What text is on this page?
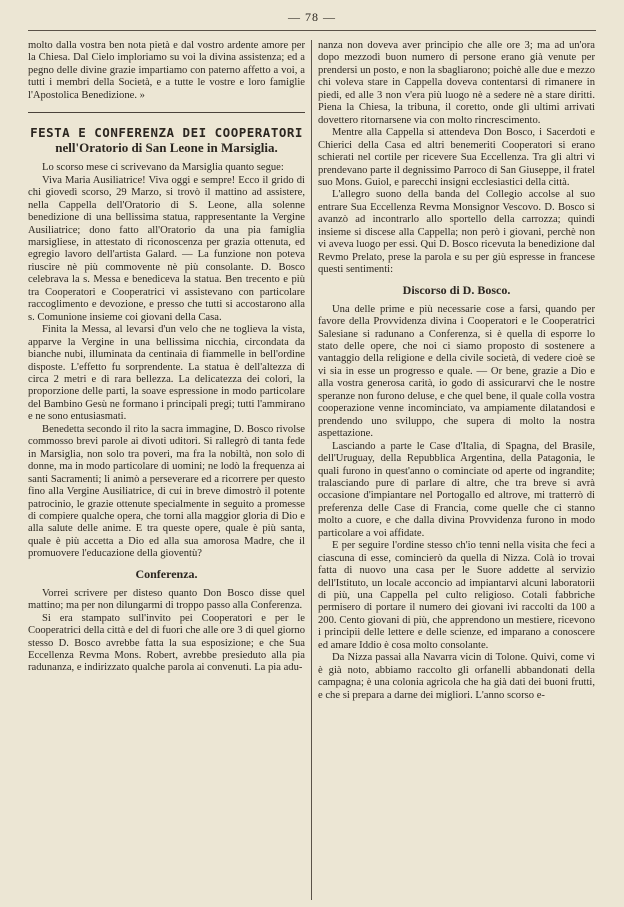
— 78 —

molto dalla vostra ben nota pietà e dal vostro ardente amore per la Chiesa. Dal Cielo imploriamo su voi la divina assistenza; ed a pegno delle divine grazie impartiamo con paterno affetto a voi, a tutti i membri della Società, e a tutte le vostre e loro famiglie l'Apostolica Benedizione. »

FESTA E CONFERENZA DEI COOPERATORI
nell'Oratorio di San Leone in Marsiglia.

Lo scorso mese ci scrivevano da Marsiglia quanto segue:

Viva Maria Ausiliatrice! Viva oggi e sempre! Ecco il grido di chi giovedì scorso, 29 Marzo, si trovò il mattino ad assistere, nella Cappella dell'Oratorio di S. Leone, alla solenne benedizione di una bellissima statua, rappresentante la Vergine Ausiliatrice; dono fatto all'Oratorio da una pia famiglia marsigliese, in attestato di riconoscenza per grazia ottenuta, ed egregio lavoro dell'artista Galard. — La funzione non poteva riuscire nè più commovente nè più consolante. D. Bosco celebrava la s. Messa e benediceva la statua. Ben trecento e più tra Cooperatori e Cooperatrici vi assistevano con particolare raccoglimento e devozione, e presso che tutti si accostarono alla s. Comunione insieme coi giovani della Casa.

Finita la Messa, al levarsi d'un velo che ne toglieva la vista, apparve la Vergine in una bellissima nicchia, circondata da bianche nubi, illuminata da centinaia di fiammelle in bell'ordine disposte. L'effetto fu sorprendente. La statua è dell'altezza di circa 2 metri e di rara bellezza. La delicatezza dei colori, la proporzione delle parti, la soave espressione in modo particolare del Bambino Gesù ne formano i principali pregi; tutti l'ammirano e ne sono entusiasmati.

Benedetta secondo il rito la sacra immagine, D. Bosco rivolse commosso brevi parole ai divoti uditori. Si rallegrò di tanta fede in Marsiglia, non solo tra poveri, ma fra la nobiltà, non solo di donne, ma in modo particolare di uomini; ne lodò la frequenza ai santi Sacramenti; li animò a perseverare ed a ricorrere per questo fino alla Vergine Ausiliatrice, di cui in breve dimostrò il potente patrocinio, le grazie ottenute specialmente in seguito a promesse di compiere qualche opera, che torni alla maggior gloria di Dio e alla salute delle anime. E tra queste opere, quale è più santa, quale è più accetta a Dio ed alla sua amorosa Madre, che il promuovere l'educazione della gioventù?

Conferenza.

Vorrei scrivere per disteso quanto Don Bosco disse quel mattino; ma per non dilungarmi di troppo passo alla Conferenza.

Si era stampato sull'invito pei Cooperatori e per le Cooperatrici della città e del di fuori che alle ore 3 di quel giorno stesso D. Bosco avrebbe fatta la sua esposizione; e che Sua Eccellenza Revma Mons. Robert, avrebbe presieduto alla pia radunanza, e indirizzato qualche parola ai convenuti. La pia adu-

nanza non doveva aver principio che alle ore 3; ma ad un'ora dopo mezzodì buon numero di persone erano già venute per prendersi un posto, e non la sbagliarono; poichè alle due e mezzo chi voleva stare in Cappella doveva contentarsi di rimanere in piedi, ed alle 3 non v'era più luogo nè a sedere nè a stare diritti. Piena la Chiesa, la tribuna, il coretto, onde gli ultimi arrivati dovettero ritornarsene via con molto rincrescimento.

Mentre alla Cappella si attendeva Don Bosco, i Sacerdoti e Chierici della Casa ed altri benemeriti Cooperatori si erano schierati nel cortile per ricevere Sua Eccellenza. Tra gli altri vi prendevano parte il degnissimo Parroco di San Giuseppe, il fratel suo Mons. Guiol, e parecchi insigni ecclesiastici della città.

L'allegro suono della banda del Collegio accolse al suo entrare Sua Eccellenza Revma Monsignor Vescovo. D. Bosco si avanzò ad incontrarlo allo sportello della carrozza; quindi insieme si discese alla Cappella; non però i giovani, perchè non vi aveva luogo per essi. Qui D. Bosco ricevuta la benedizione dal Revmo Prelato, prese la parola e su per giù espresse in francese questi sentimenti:

Discorso di D. Bosco.

Una delle prime e più necessarie cose a farsi, quando per favore della Provvidenza divina i Cooperatori e le Cooperatrici Salesiane si radunano a Conferenza, si è quella di esporre lo stato delle opere, che noi ci siamo proposto di sostenere a vantaggio della religione e della civile società, di vedere cioè se vi sia in esse un progresso e quale. — Or bene, grazie a Dio e alla vostra generosa carità, io godo di assicurarvi che le nostre speranze non furono deluse, e che quel bene, il quale colla vostra cooperazione venne incominciato, va ampiamente dilatandosi e prendendo uno sviluppo, che supera di molto la nostra aspettazione.

Lasciando a parte le Case d'Italia, di Spagna, del Brasile, dell'Uruguay, della Repubblica Argentina, della Patagonia, le quali furono in quest'anno o cominciate od aperte od ingrandite; tralasciando pure di parlare di altre, che tra breve si avrà occasione d'impiantare nel Portogallo ed altrove, mi tratterrò di preferenza delle Case di Francia, come quelle che ci stanno molto a cuore, e che dalla divina Provvidenza furono in modo particolare a voi affidate.

E per seguire l'ordine stesso ch'io tenni nella visita che feci a ciascuna di esse, comincierò da quella di Nizza. Colà io trovai fatta di nuovo una casa per le Suore addette al servizio dell'Istituto, un locale acconcio ad impiantarvi alcuni laboratorii di più, una Cappella pel culto religioso. Cotali fabbriche permisero di portare il numero dei giovani ivi raccolti da 100 a 200. Cento giovani di più, che apprendono un mestiere, ricevono i principii delle lettere e delle scienze, ed imparano a conoscere ed amare Iddio è cosa molto consolante.

Da Nizza passai alla Navarra vicin di Tolone. Quivi, come vi è già noto, abbiamo raccolto gli orfanelli abbandonati della campagna; è una colonia agricola che ha già dati dei buoni frutti, e che si prepara a darne dei migliori. L'anno scorso e-
